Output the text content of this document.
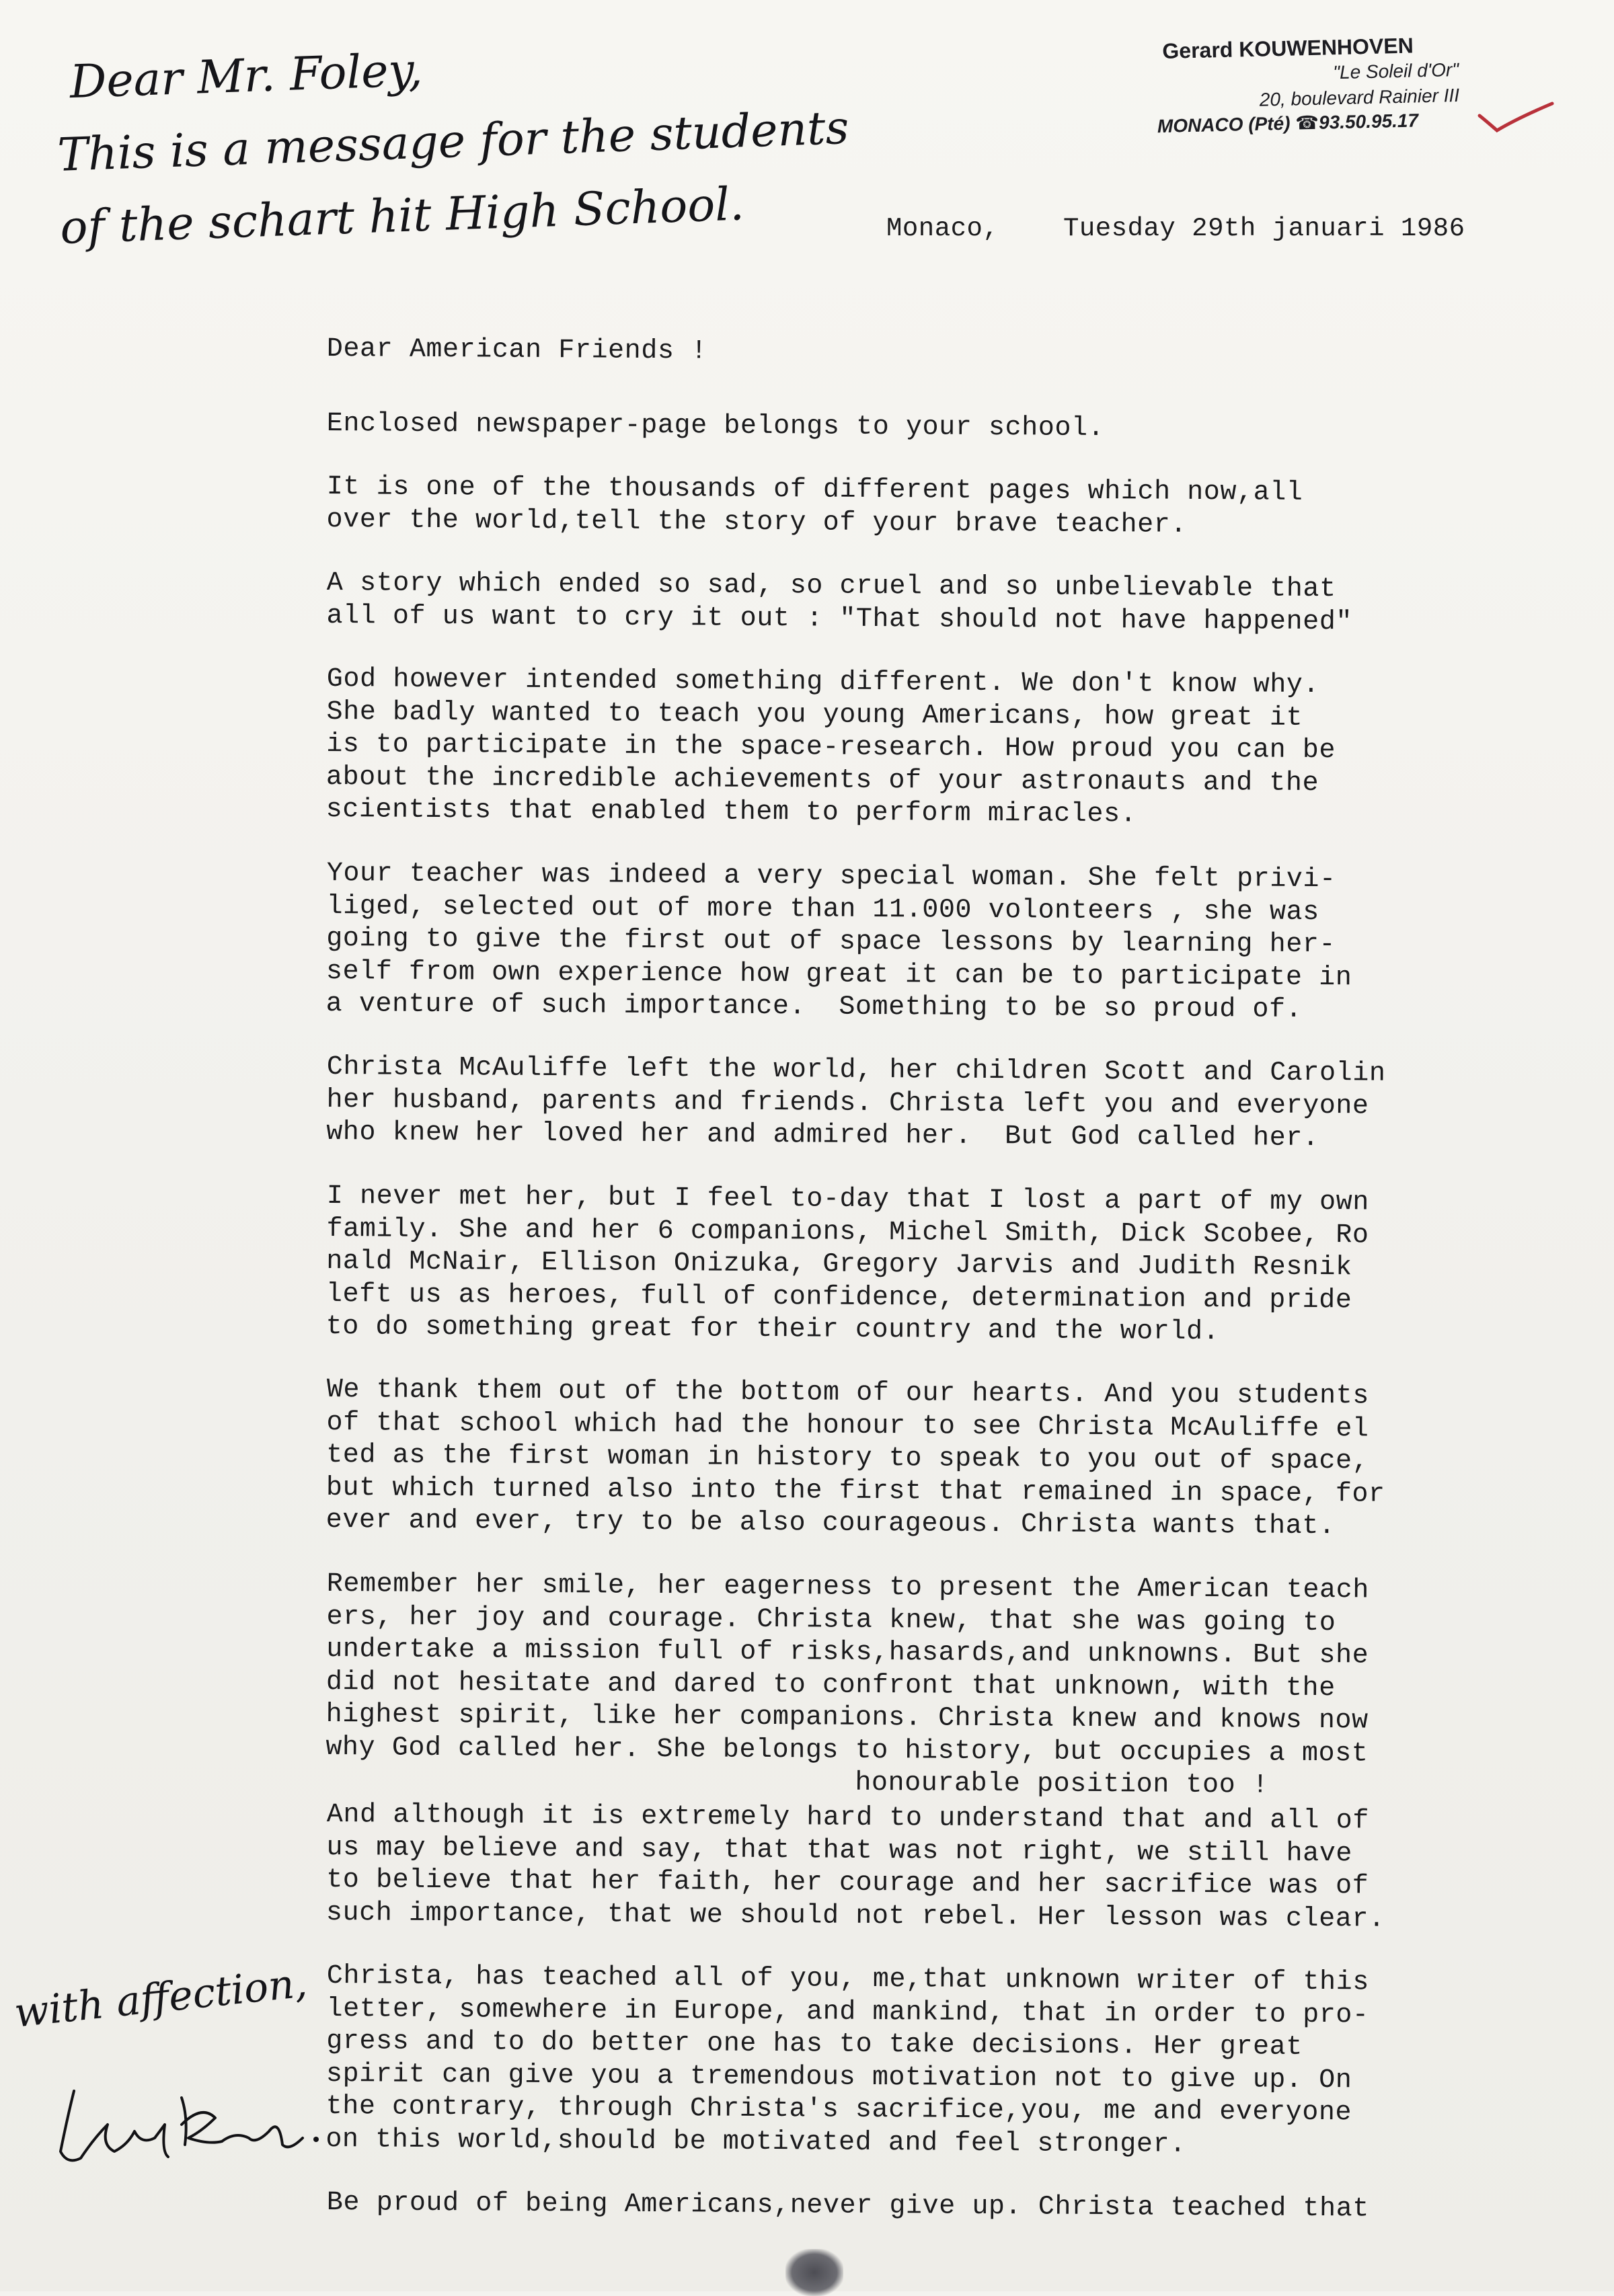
Gerard KOUWENHOVEN
"Le Soleil d'Or"
20, boulevard Rainier III
MONACO (Pté) ☎93.50.95.17
Dear Mr. Foley,
This is a message for the students
of the schart hit High School.	Monaco,    Tuesday 29th januari 1986

Dear American Friends !

Enclosed newspaper-page belongs to your school.

It is one of the thousands of different pages which now,all
over the world,tell the story of your brave teacher.

A story which ended so sad, so cruel and so unbelievable that
all of us want to cry it out : "That should not have happened"

God however intended something different. We don't know why.
She badly wanted to teach you young Americans, how great it
is to participate in the space-research. How proud you can be
about the incredible achievements of your astronauts and the
scientists that enabled them to perform miracles.

Your teacher was indeed a very special woman. She felt privi-
liged, selected out of more than 11.000 volonteers , she was
going to give the first out of space lessons by learning her-
self from own experience how great it can be to participate in
a venture of such importance.  Something to be so proud of.

Christa McAuliffe left the world, her children Scott and Carolin
her husband, parents and friends. Christa left you and everyone
who knew her loved her and admired her.  But God called her.

I never met her, but I feel to-day that I lost a part of my own
family. She and her 6 companions, Michel Smith, Dick Scobee, Ro
nald McNair, Ellison Onizuka, Gregory Jarvis and Judith Resnik
left us as heroes, full of confidence, determination and pride
to do something great for their country and the world.

We thank them out of the bottom of our hearts. And you students
of that school which had the honour to see Christa McAuliffe el
ted as the first woman in history to speak to you out of space,
but which turned also into the first that remained in space, for
ever and ever, try to be also courageous. Christa wants that.

Remember her smile, her eagerness to present the American teach
ers, her joy and courage. Christa knew, that she was going to
undertake a mission full of risks,hasards,and unknowns. But she
did not hesitate and dared to confront that unknown, with the
highest spirit, like her companions. Christa knew and knows now
why God called her. She belongs to history, but occupies a most
honourable position too !

And although it is extremely hard to understand that and all of
us may believe and say, that that was not right, we still have
to believe that her faith, her courage and her sacrifice was of
such importance, that we should not rebel. Her lesson was clear.

Christa, has teached all of you, me,that unknown writer of this
letter, somewhere in Europe, and mankind, that in order to pro-
gress and to do better one has to take decisions. Her great
spirit can give you a tremendous motivation not to give up. On
the contrary, through Christa's sacrifice,you, me and everyone
on this world,should be motivated and feel stronger.

Be proud of being Americans,never give up. Christa teached that

with affection,
